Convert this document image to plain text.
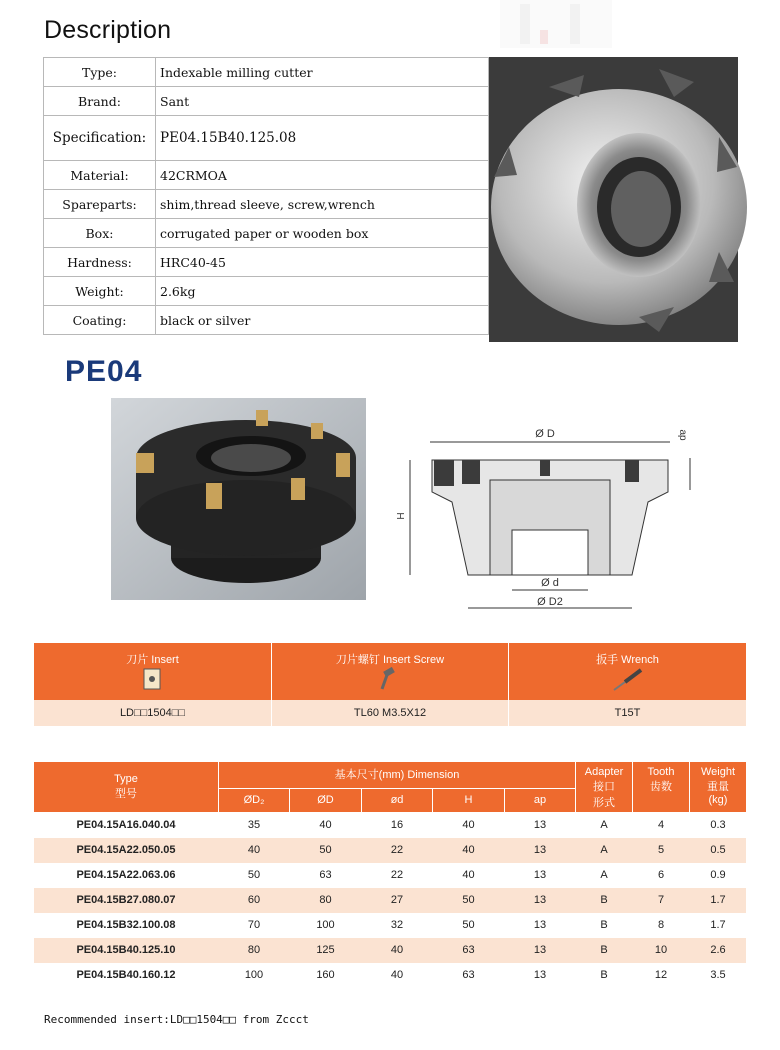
Description
Type:	Indexable milling cutter
Brand:	Sant
Specification:	PE04.15B40.125.08
Material:	42CRMOA
Spareparts:	shim,thread sleeve, screw,wrench
Box:	corrugated paper or wooden box
Hardness:	HRC40-45
Weight:	2.6kg
Coating:	black or silver
PE04
Ø D	ap
H
Ø d
Ø D2
刀片 Insert	刀片螺钉 Insert Screw	扳手 Wrench
LD□□1504□□	TL60 M3.5X12	T15T
Type
型号
基本尺寸(mm) Dimension
ØD₂	ØD	ød	H	ap
Adapter
接口
形式
Tooth
齿数
Weight
重量
(kg)
PE04.15A16.040.04	35	40	16	40	13	A	4	0.3
PE04.15A22.050.05	40	50	22	40	13	A	5	0.5
PE04.15A22.063.06	50	63	22	40	13	A	6	0.9
PE04.15B27.080.07	60	80	27	50	13	B	7	1.7
PE04.15B32.100.08	70	100	32	50	13	B	8	1.7
PE04.15B40.125.10	80	125	40	63	13	B	10	2.6
PE04.15B40.160.12	100	160	40	63	13	B	12	3.5
Recommended insert:LD□□1504□□ from Zccct
